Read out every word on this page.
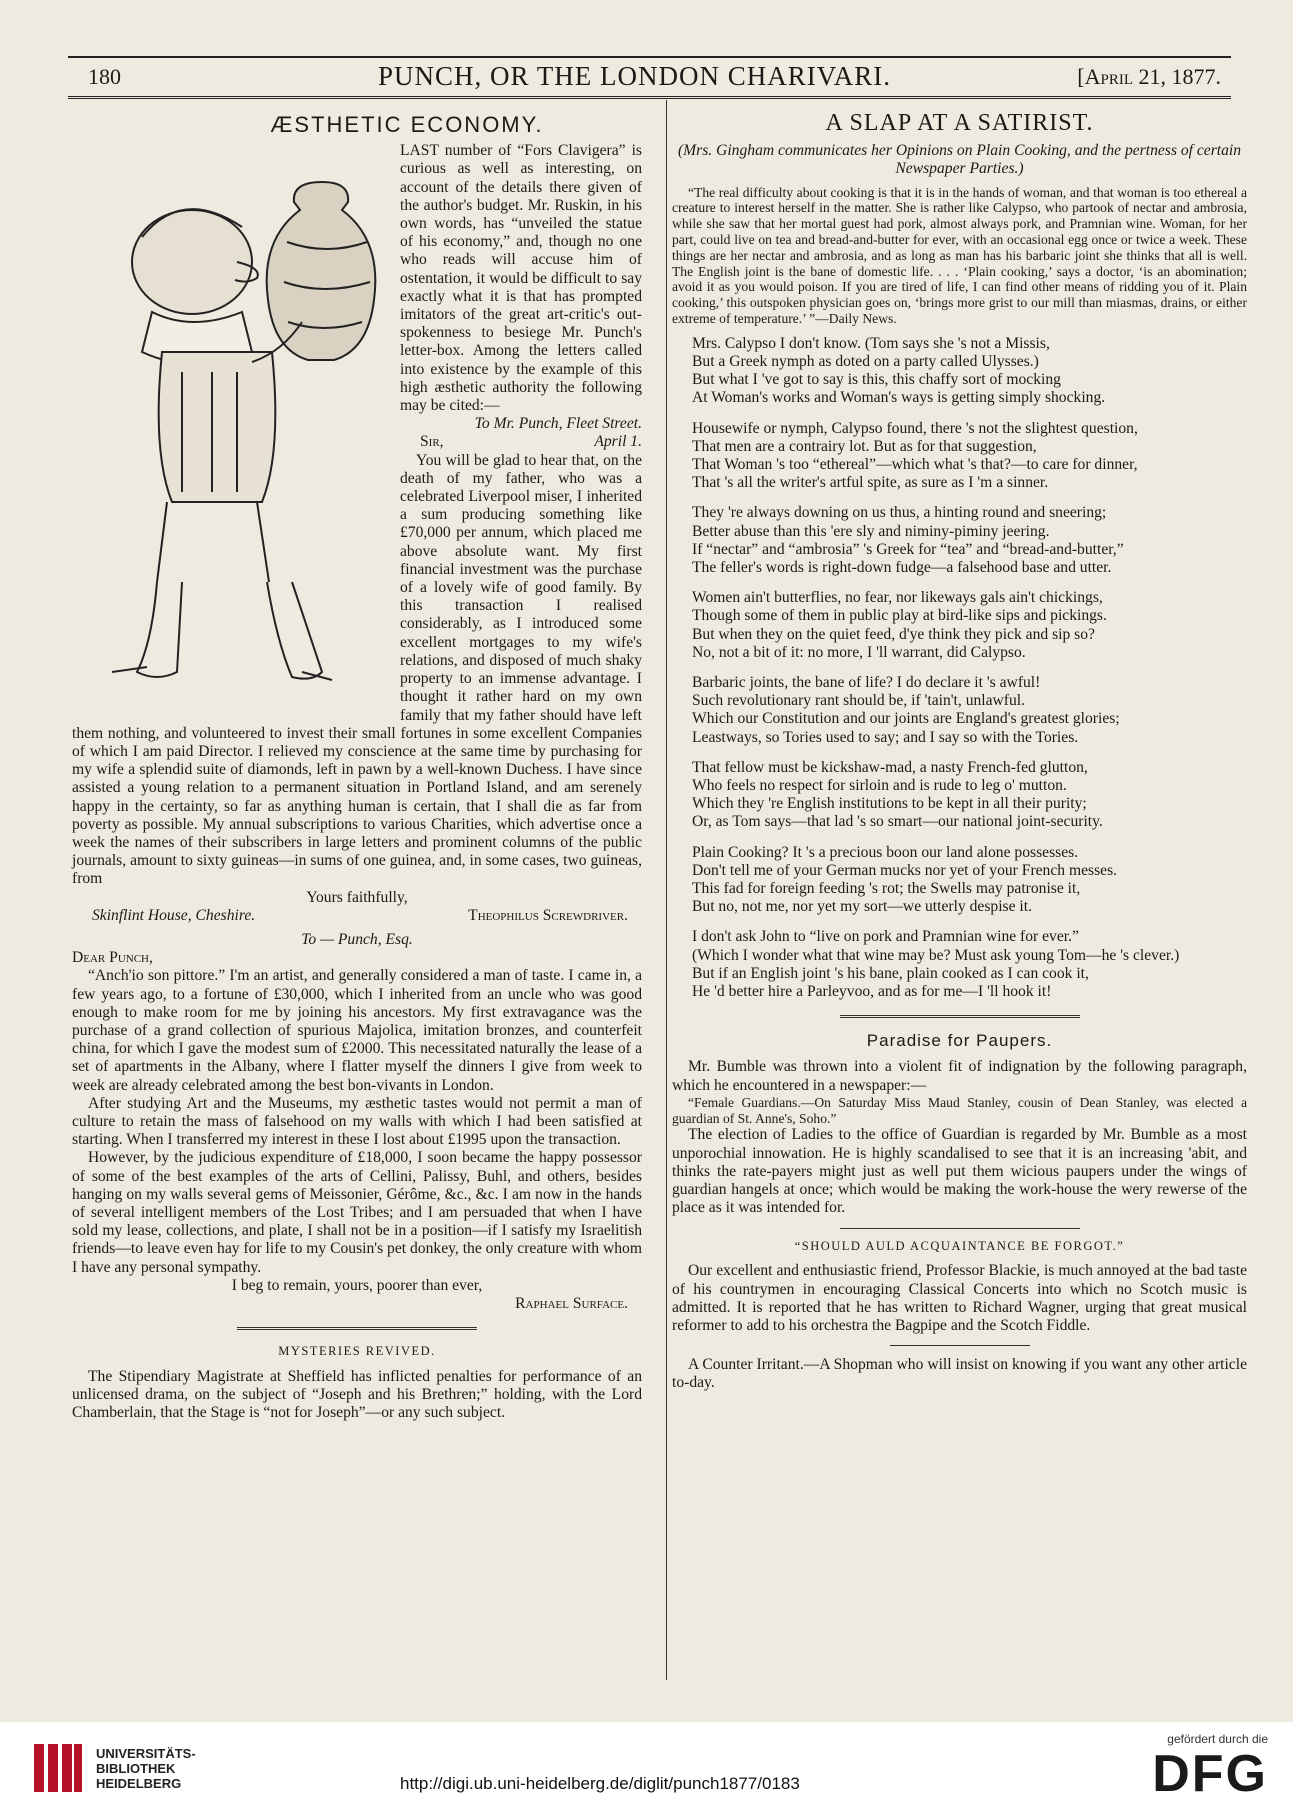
180	PUNCH, OR THE LONDON CHARIVARI.	[April 21, 1877.
ÆSTHETIC ECONOMY.

LAST number of “Fors Clavigera” is curious as well as interesting, on account of the details there given of the author's budget. Mr. Ruskin, in his own words, has “unveiled the statue of his economy,” and, though no one who reads will accuse him of ostentation, it would be difficult to say exactly what it is that has prompted imitators of the great art-critic's out-spokenness to besiege Mr. Punch's letter-box. Among the letters called into existence by the example of this high æsthetic authority the following may be cited:—

To Mr. Punch, Fleet Street.

Sir,	April 1.

You will be glad to hear that, on the death of my father, who was a celebrated Liverpool miser, I inherited a sum producing something like £70,000 per annum, which placed me above absolute want. My first financial investment was the purchase of a lovely wife of good family. By this transaction I realised considerably, as I introduced some excellent mortgages to my wife's relations, and disposed of much shaky property to an immense advantage. I thought it rather hard on my own family that my father should have left them nothing, and volunteered to invest their small fortunes in some excellent Companies of which I am paid Director. I relieved my conscience at the same time by purchasing for my wife a splendid suite of diamonds, left in pawn by a well-known Duchess. I have since assisted a young relation to a permanent situation in Portland Island, and am serenely happy in the certainty, so far as anything human is certain, that I shall die as far from poverty as possible. My annual subscriptions to various Charities, which advertise once a week the names of their subscribers in large letters and prominent columns of the public journals, amount to sixty guineas—in sums of one guinea, and, in some cases, two guineas, from

Yours faithfully,

Skinflint House, Cheshire.	Theophilus Screwdriver.

To — Punch, Esq.

Dear Punch,

“Anch'io son pittore.” I'm an artist, and generally considered a man of taste. I came in, a few years ago, to a fortune of £30,000, which I inherited from an uncle who was good enough to make room for me by joining his ancestors. My first extravagance was the purchase of a grand collection of spurious Majolica, imitation bronzes, and counterfeit china, for which I gave the modest sum of £2000. This necessitated naturally the lease of a set of apartments in the Albany, where I flatter myself the dinners I give from week to week are already celebrated among the best bon-vivants in London.

After studying Art and the Museums, my æsthetic tastes would not permit a man of culture to retain the mass of falsehood on my walls with which I had been satisfied at starting. When I transferred my interest in these I lost about £1995 upon the transaction.

However, by the judicious expenditure of £18,000, I soon became the happy possessor of some of the best examples of the arts of Cellini, Palissy, Buhl, and others, besides hanging on my walls several gems of Meissonier, Gérôme, &c., &c. I am now in the hands of several intelligent members of the Lost Tribes; and I am persuaded that when I have sold my lease, collections, and plate, I shall not be in a position—if I satisfy my Israelitish friends—to leave even hay for life to my Cousin's pet donkey, the only creature with whom I have any personal sympathy.

I beg to remain, yours, poorer than ever,

Raphael Surface.

MYSTERIES REVIVED.

The Stipendiary Magistrate at Sheffield has inflicted penalties for performance of an unlicensed drama, on the subject of “Joseph and his Brethren;” holding, with the Lord Chamberlain, that the Stage is “not for Joseph”—or any such subject.

A SLAP AT A SATIRIST.

(Mrs. Gingham communicates her Opinions on Plain Cooking, and the pertness of certain Newspaper Parties.)

“The real difficulty about cooking is that it is in the hands of woman, and that woman is too ethereal a creature to interest herself in the matter. She is rather like Calypso, who partook of nectar and ambrosia, while she saw that her mortal guest had pork, almost always pork, and Pramnian wine. Woman, for her part, could live on tea and bread-and-butter for ever, with an occasional egg once or twice a week. These things are her nectar and ambrosia, and as long as man has his barbaric joint she thinks that all is well. The English joint is the bane of domestic life. . . . ‘Plain cooking,’ says a doctor, ‘is an abomination; avoid it as you would poison. If you are tired of life, I can find other means of ridding you of it. Plain cooking,’ this outspoken physician goes on, ‘brings more grist to our mill than miasmas, drains, or either extreme of temperature.’ ”—Daily News.

Mrs. Calypso I don't know. (Tom says she 's not a Missis,

But a Greek nymph as doted on a party called Ulysses.)

But what I 've got to say is this, this chaffy sort of mocking

At Woman's works and Woman's ways is getting simply shocking.

Housewife or nymph, Calypso found, there 's not the slightest question,

That men are a contrairy lot. But as for that suggestion,

That Woman 's too “ethereal”—which what 's that?—to care for dinner,

That 's all the writer's artful spite, as sure as I 'm a sinner.

They 're always downing on us thus, a hinting round and sneering;

Better abuse than this 'ere sly and niminy-piminy jeering.

If “nectar” and “ambrosia” 's Greek for “tea” and “bread-and-butter,”

The feller's words is right-down fudge—a falsehood base and utter.

Women ain't butterflies, no fear, nor likeways gals ain't chickings,

Though some of them in public play at bird-like sips and pickings.

But when they on the quiet feed, d'ye think they pick and sip so?

No, not a bit of it: no more, I 'll warrant, did Calypso.

Barbaric joints, the bane of life? I do declare it 's awful!

Such revolutionary rant should be, if 'tain't, unlawful.

Which our Constitution and our joints are England's greatest glories;

Leastways, so Tories used to say; and I say so with the Tories.

That fellow must be kickshaw-mad, a nasty French-fed glutton,

Who feels no respect for sirloin and is rude to leg o' mutton.

Which they 're English institutions to be kept in all their purity;

Or, as Tom says—that lad 's so smart—our national joint-security.

Plain Cooking? It 's a precious boon our land alone possesses.

Don't tell me of your German mucks nor yet of your French messes.

This fad for foreign feeding 's rot; the Swells may patronise it,

But no, not me, nor yet my sort—we utterly despise it.

I don't ask John to “live on pork and Pramnian wine for ever.”

(Which I wonder what that wine may be? Must ask young Tom—he 's clever.)

But if an English joint 's his bane, plain cooked as I can cook it,

He 'd better hire a Parleyvoo, and as for me—I 'll hook it!

Paradise for Paupers.

Mr. Bumble was thrown into a violent fit of indignation by the following paragraph, which he encountered in a newspaper:—

“Female Guardians.—On Saturday Miss Maud Stanley, cousin of Dean Stanley, was elected a guardian of St. Anne's, Soho.”

The election of Ladies to the office of Guardian is regarded by Mr. Bumble as a most unporochial innowation. He is highly scandalised to see that it is an increasing 'abit, and thinks the rate-payers might just as well put them wicious paupers under the wings of guardian hangels at once; which would be making the work-house the wery rewerse of the place as it was intended for.

“SHOULD AULD ACQUAINTANCE BE FORGOT.”

Our excellent and enthusiastic friend, Professor Blackie, is much annoyed at the bad taste of his countrymen in encouraging Classical Concerts into which no Scotch music is admitted. It is reported that he has written to Richard Wagner, urging that great musical reformer to add to his orchestra the Bagpipe and the Scotch Fiddle.

A Counter Irritant.—A Shopman who will insist on knowing if you want any other article to-day.

UNIVERSITÄTS-
BIBLIOTHEK
HEIDELBERG	http://digi.ub.uni-heidelberg.de/diglit/punch1877/0183
gefördert durch die
DFG
